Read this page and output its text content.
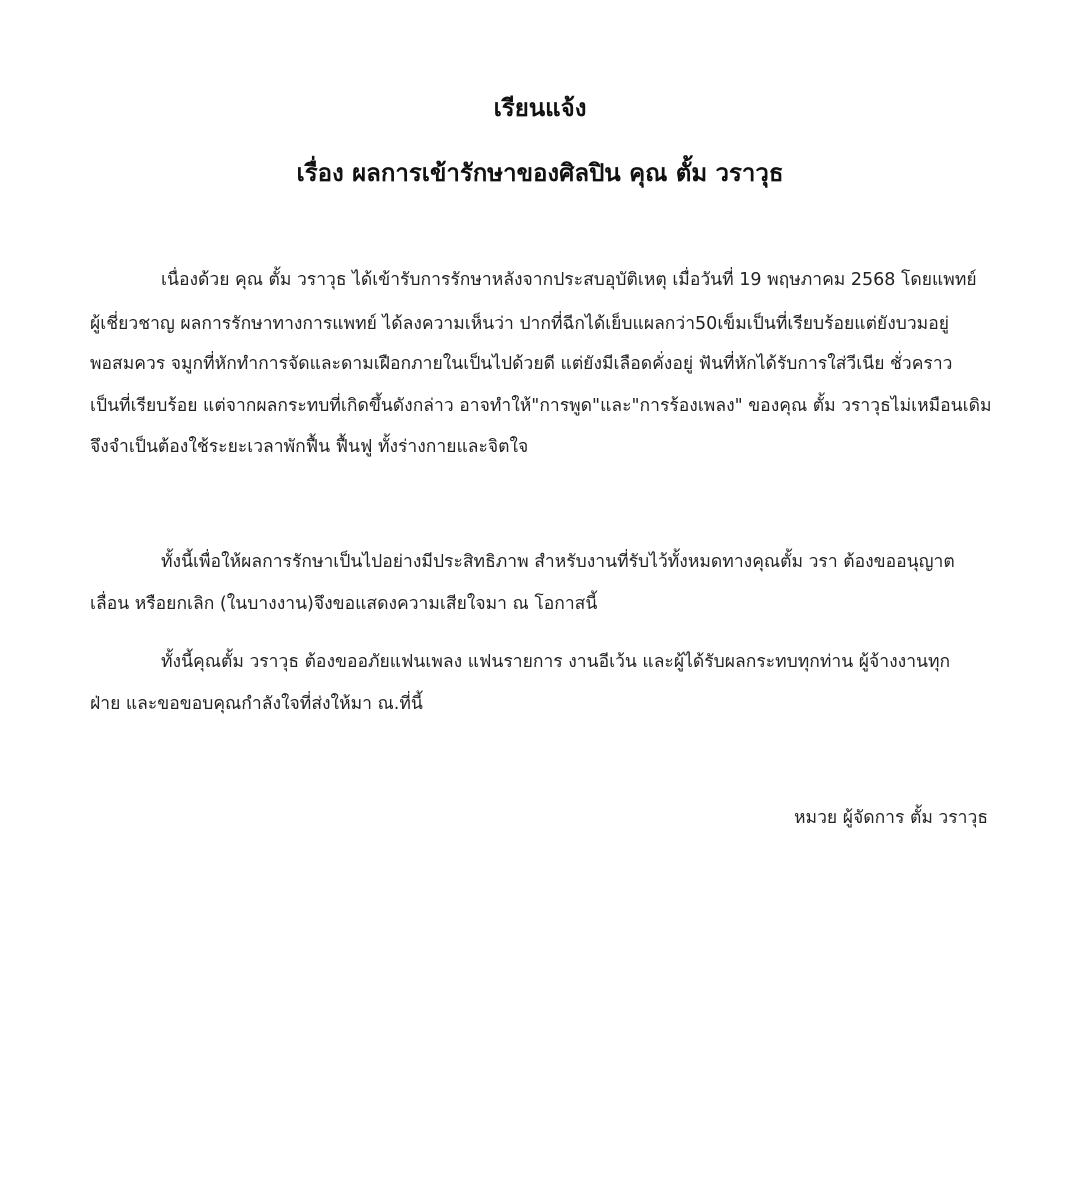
เรียนแจ้ง
เรื่อง ผลการเข้ารักษาของศิลปิน คุณ ตั้ม วราวุธ
เนื่องด้วย คุณ ตั้ม วราวุธ ได้เข้ารับการรักษาหลังจากประสบอุบัติเหตุ เมื่อวันที่ 19 พฤษภาคม 2568 โดยแพทย์
ผู้เชี่ยวชาญ ผลการรักษาทางการแพทย์ ได้ลงความเห็นว่า ปากที่ฉีกได้เย็บแผลกว่า50เข็มเป็นที่เรียบร้อยแต่ยังบวมอยู่
พอสมควร จมูกที่หักทำการจัดและดามเฝือกภายในเป็นไปด้วยดี แต่ยังมีเลือดคั่งอยู่ ฟันที่หักได้รับการใส่วีเนีย ชั่วคราว
เป็นที่เรียบร้อย แต่จากผลกระทบที่เกิดขึ้นดังกล่าว อาจทำให้"การพูด"และ"การร้องเพลง" ของคุณ ตั้ม วราวุธไม่เหมือนเดิม
จึงจำเป็นต้องใช้ระยะเวลาพักฟื้น ฟื้นฟู ทั้งร่างกายและจิตใจ
ทั้งนี้เพื่อให้ผลการรักษาเป็นไปอย่างมีประสิทธิภาพ สำหรับงานที่รับไว้ทั้งหมดทางคุณตั้ม วรา ต้องขออนุญาต
เลื่อน หรือยกเลิก (ในบางงาน)จึงขอแสดงความเสียใจมา ณ โอกาสนี้
ทั้งนี้คุณตั้ม วราวุธ ต้องขออภัยแฟนเพลง แฟนรายการ งานอีเว้น และผู้ได้รับผลกระทบทุกท่าน ผู้จ้างงานทุก
ฝ่าย และขอขอบคุณกำลังใจที่ส่งให้มา ณ.ที่นี้
หมวย ผู้จัดการ ตั้ม วราวุธ
